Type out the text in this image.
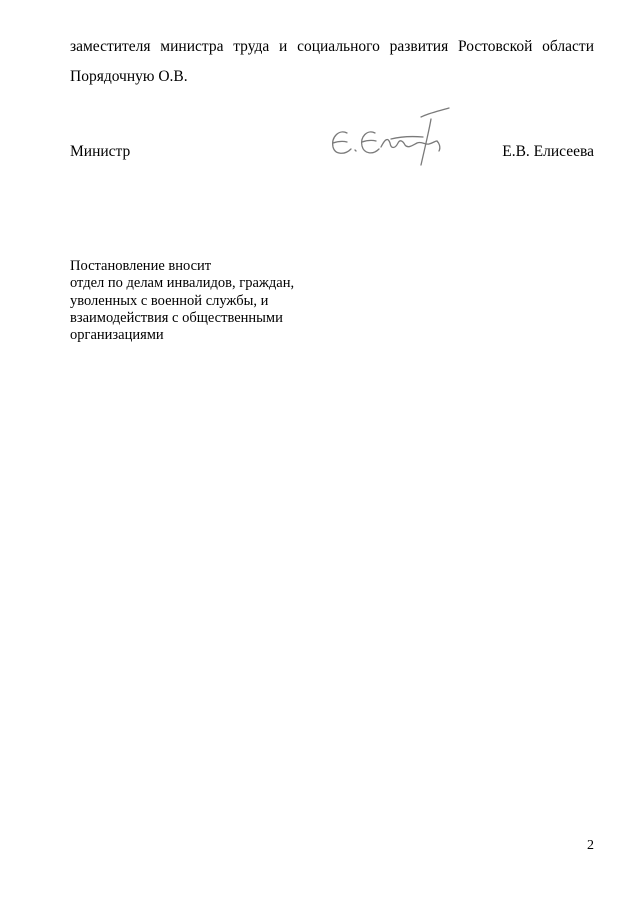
заместителя министра труда и социального развития Ростовской области
Порядочную О.В.
Министр	Е.В. Елисеева
Постановление вносит
отдел по делам инвалидов, граждан,
уволенных с военной службы, и
взаимодействия с общественными
организациями
2
